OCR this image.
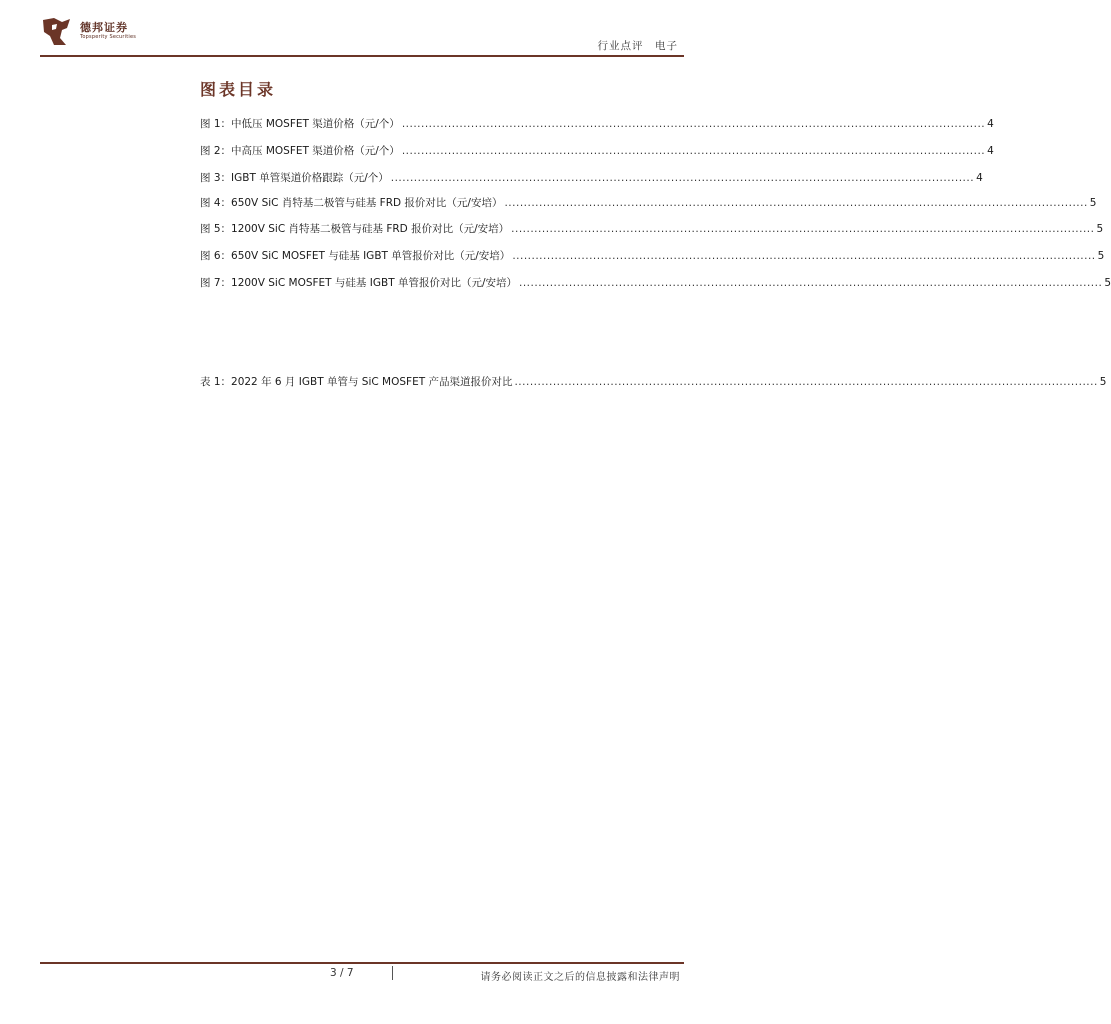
德邦证券
Topsperity Securities
行业点评　电子
图表目录
图 1：中低压 MOSFET 渠道价格（元/个） ........................................................................................................................................................ 4
图 2：中高压 MOSFET 渠道价格（元/个） ........................................................................................................................................................ 4
图 3：IGBT 单管渠道价格跟踪（元/个） ........................................................................................................................................................ 4
图 4：650V SiC 肖特基二极管与硅基 FRD 报价对比（元/安培） ........................................................................................................................................................ 5
图 5：1200V SiC 肖特基二极管与硅基 FRD 报价对比（元/安培） ........................................................................................................................................................ 5
图 6：650V SiC MOSFET 与硅基 IGBT 单管报价对比（元/安培） ........................................................................................................................................................ 5
图 7：1200V SiC MOSFET 与硅基 IGBT 单管报价对比（元/安培） ........................................................................................................................................................ 5
表 1：2022 年 6 月 IGBT 单管与 SiC MOSFET 产品渠道报价对比 ........................................................................................................................................................ 5
3 / 7	请务必阅读正文之后的信息披露和法律声明
